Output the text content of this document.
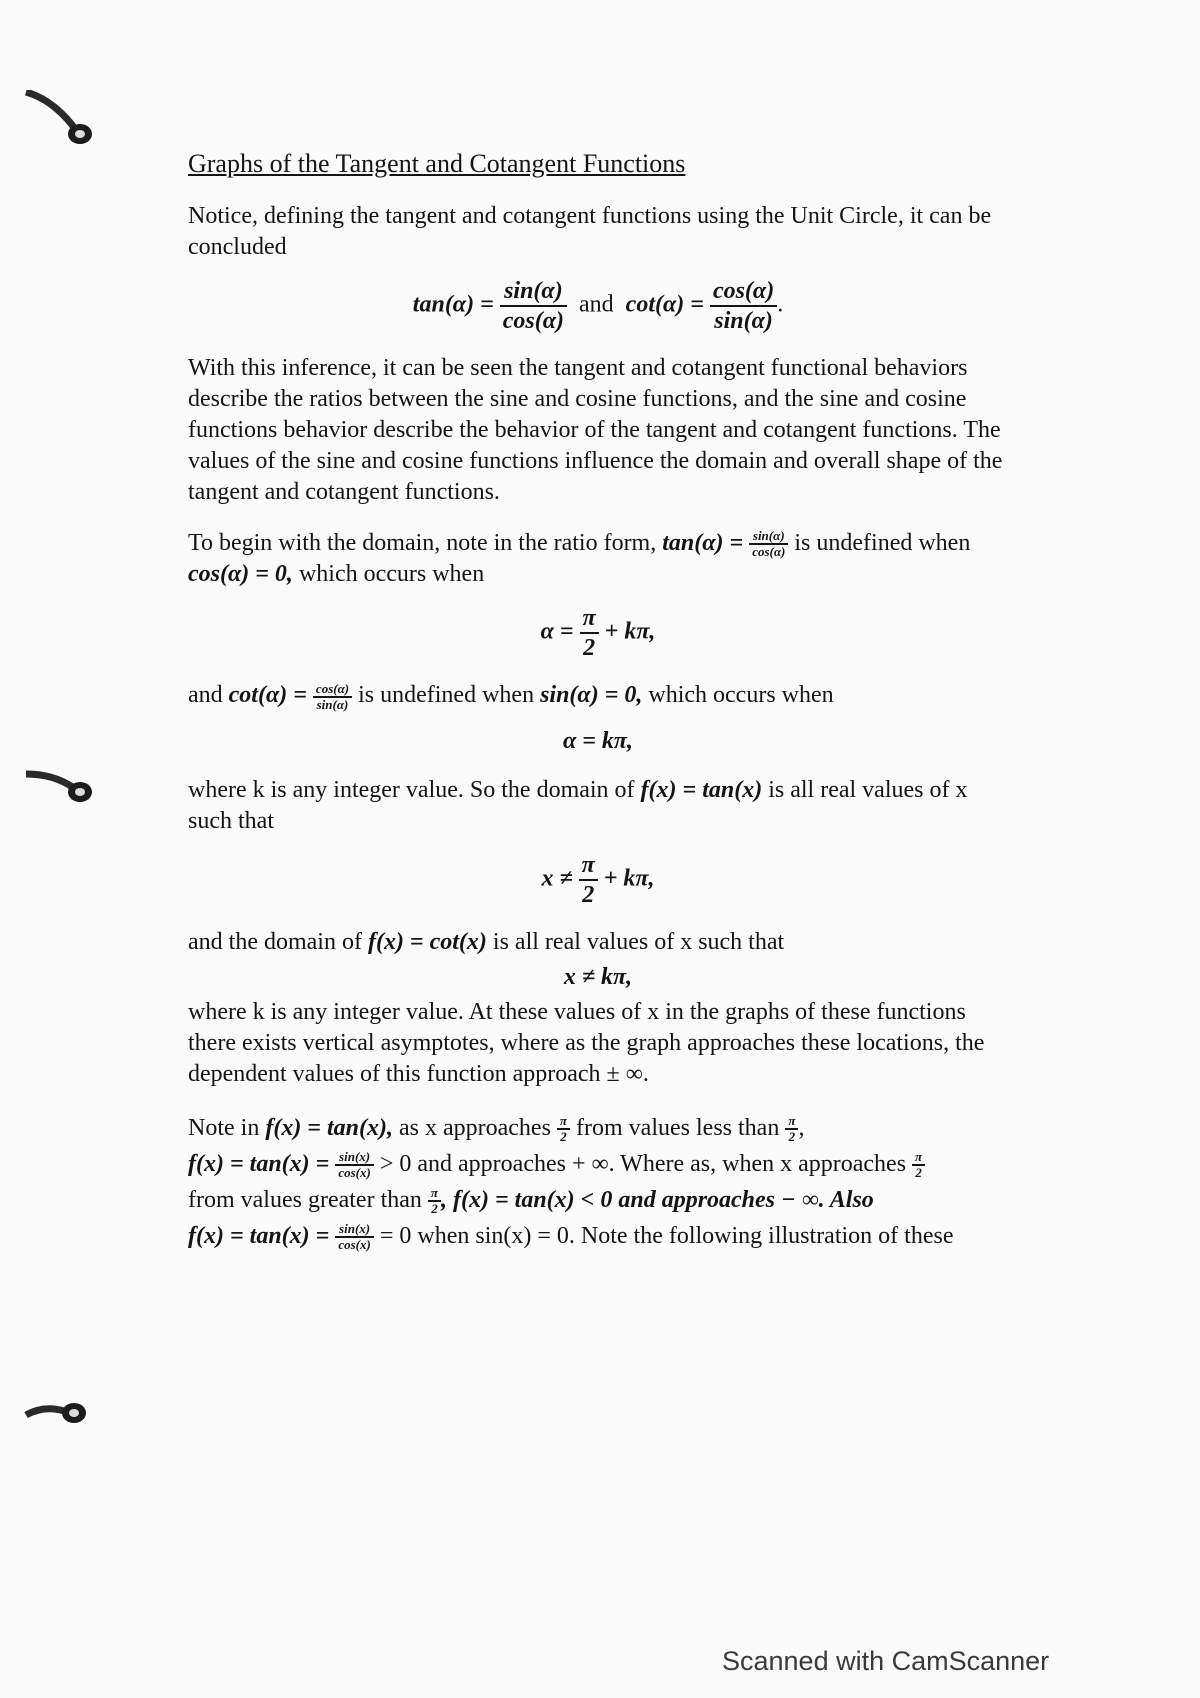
Graphs of the Tangent and Cotangent Functions

Notice, defining the tangent and cotangent functions using the Unit Circle, it can be concluded

$\tan(\alpha) = \frac{\sin(\alpha)}{\cos(\alpha)}$ and $\cot(\alpha) = \frac{\cos(\alpha)}{\sin(\alpha)}$ .

With this inference, it can be seen the tangent and cotangent functional behaviors describe the ratios between the sine and cosine functions, and the sine and cosine functions behavior describe the behavior of the tangent and cotangent functions. The values of the sine and cosine functions influence the domain and overall shape of the tangent and cotangent functions.

To begin with the domain, note in the ratio form, $\tan(\alpha) = \frac{\sin(\alpha)}{\cos(\alpha)}$ is undefined when cos(α) = 0, which occurs when

$\alpha = \frac{\pi}{2} + k\pi$,

and $\cot(\alpha) = \frac{\cos(\alpha)}{\sin(\alpha)}$ is undefined when sin(α) = 0, which occurs when

α = kπ,

where k is any integer value. So the domain of f(x) = tan(x) is all real values of x such that

$x \ne \frac{\pi}{2} + k\pi$,

and the domain of f(x) = cot(x) is all real values of x such that

x ≠ kπ,

where k is any integer value. At these values of x in the graphs of these functions there exists vertical asymptotes, where as the graph approaches these locations, the dependent values of this function approach ± ∞.

Note in f(x) = tan(x), as x approaches $\frac{\pi}{2}$ from values less than $\frac{\pi}{2}$ ,
$f(x) = \tan(x) = \frac{\sin(x)}{\cos(x)} > 0$ and approaches + ∞. Where as, when x approaches $\frac{\pi}{2}$

from values greater than $\frac{\pi}{2}$ , f(x) = tan(x) < 0 and approaches − ∞. Also
$f(x) = \tan(x) = \frac{\sin(x)}{\cos(x)} = 0$ when sin(x) = 0. Note the following illustration of these

Scanned with CamScanner
